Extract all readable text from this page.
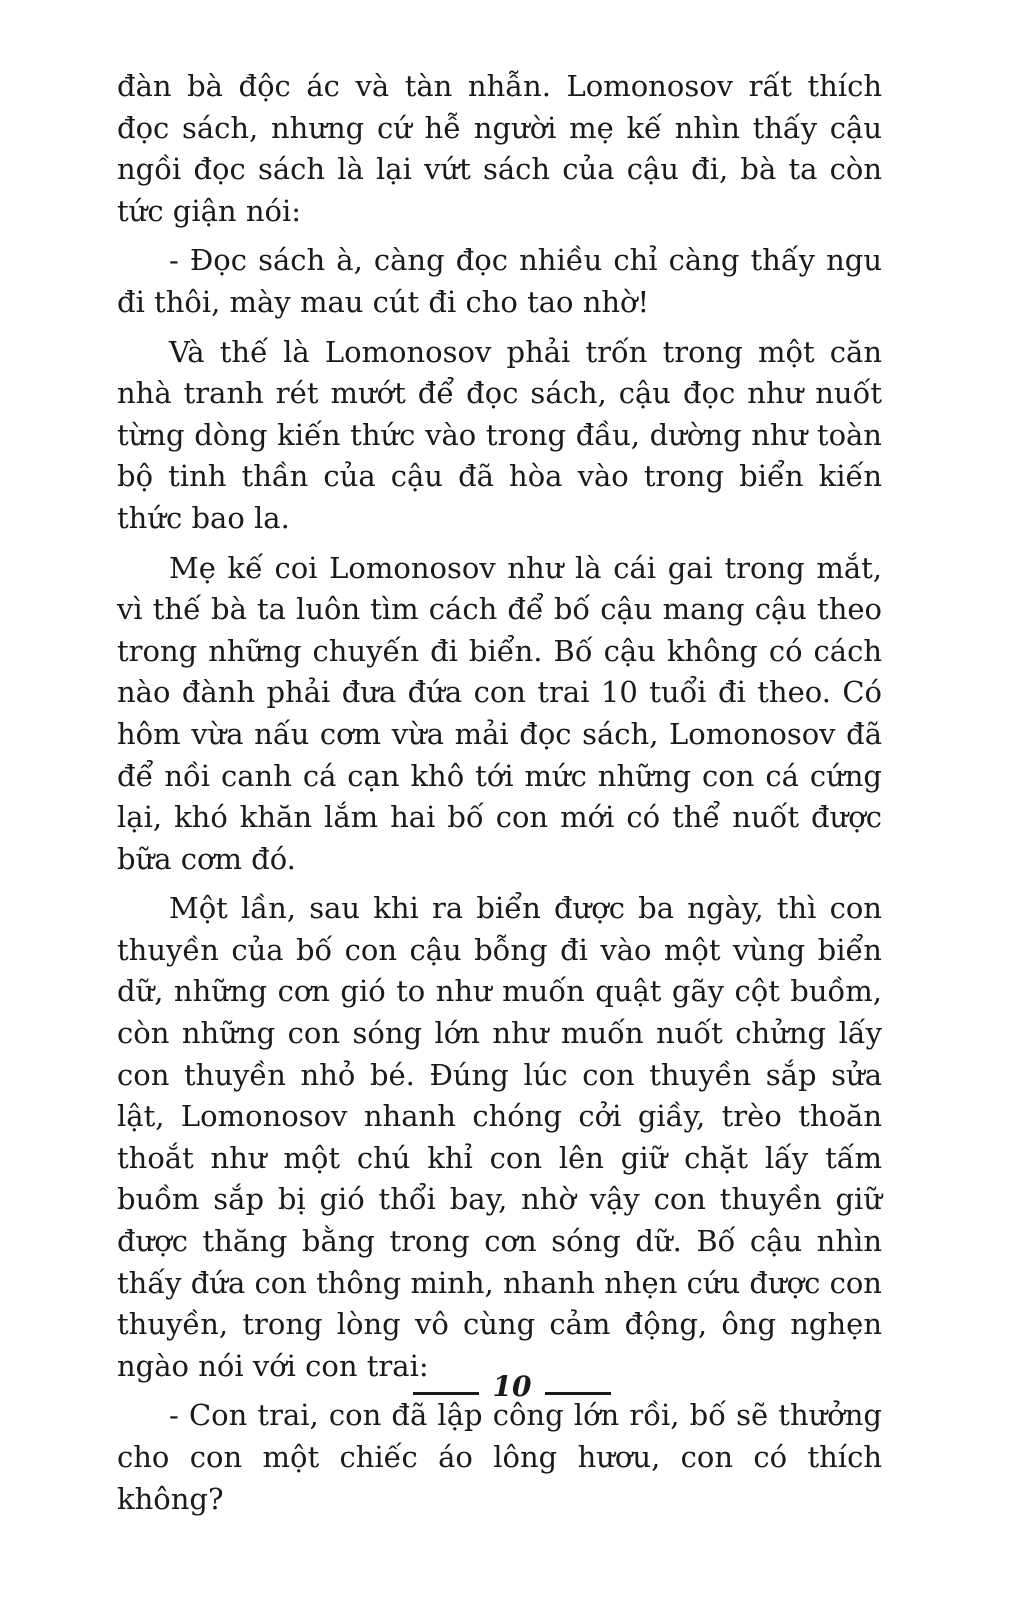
đàn bà độc ác và tàn nhẫn. Lomonosov rất thích đọc sách, nhưng cứ hễ người mẹ kế nhìn thấy cậu ngồi đọc sách là lại vứt sách của cậu đi, bà ta còn tức giận nói:

- Đọc sách à, càng đọc nhiều chỉ càng thấy ngu đi thôi, mày mau cút đi cho tao nhờ!

Và thế là Lomonosov phải trốn trong một căn nhà tranh rét mướt để đọc sách, cậu đọc như nuốt từng dòng kiến thức vào trong đầu, dường như toàn bộ tinh thần của cậu đã hòa vào trong biển kiến thức bao la.

Mẹ kế coi Lomonosov như là cái gai trong mắt, vì thế bà ta luôn tìm cách để bố cậu mang cậu theo trong những chuyến đi biển. Bố cậu không có cách nào đành phải đưa đứa con trai 10 tuổi đi theo. Có hôm vừa nấu cơm vừa mải đọc sách, Lomonosov đã để nồi canh cá cạn khô tới mức những con cá cứng lại, khó khăn lắm hai bố con mới có thể nuốt được bữa cơm đó.

Một lần, sau khi ra biển được ba ngày, thì con thuyền của bố con cậu bỗng đi vào một vùng biển dữ, những cơn gió to như muốn quật gãy cột buồm, còn những con sóng lớn như muốn nuốt chửng lấy con thuyền nhỏ bé. Đúng lúc con thuyền sắp sửa lật, Lomonosov nhanh chóng cởi giầy, trèo thoăn thoắt như một chú khỉ con lên giữ chặt lấy tấm buồm sắp bị gió thổi bay, nhờ vậy con thuyền giữ được thăng bằng trong cơn sóng dữ. Bố cậu nhìn thấy đứa con thông minh, nhanh nhẹn cứu được con thuyền, trong lòng vô cùng cảm động, ông nghẹn ngào nói với con trai:

- Con trai, con đã lập công lớn rồi, bố sẽ thưởng cho con một chiếc áo lông hươu, con có thích không?

10
